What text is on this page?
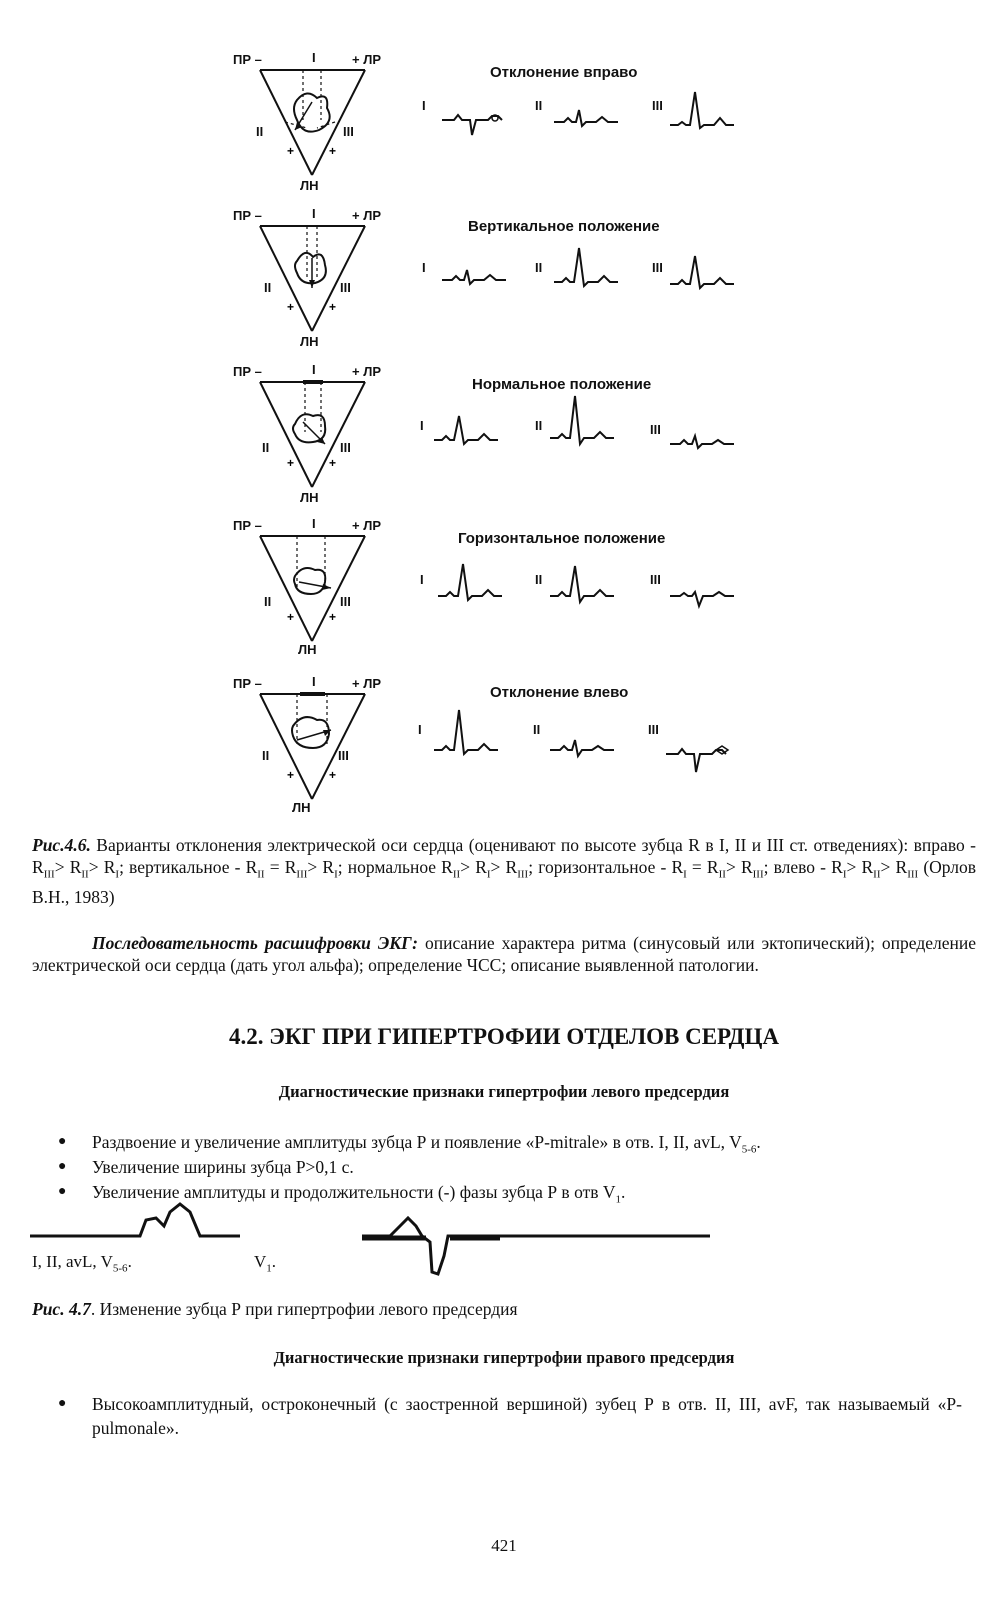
+	+
ПР –	I	+ ЛР
II	III
ЛН
Отклонение вправо
I	II	III
+	+
ПР –	I	+ ЛР
II	III
ЛН
Вертикальное положение
I	II	III
+	+
ПР –	I	+ ЛР
II	III
ЛН
Нормальное положение
I	II	III
+	+
ПР –	I	+ ЛР
II	III
ЛН
Горизонтальное положение
I	II	III
+	+
ПР –	I	+ ЛР
II	III
ЛН
Отклонение влево
I	II	III
Рис.4.6. Варианты отклонения электрической оси сердца (оценивают по высоте зубца R в I, II и III ст. отведениях): вправо - $R_{III}> R_{II}> R_I$; вертикальное - $R_{II} = R_{III}> R_I$; нормальное $R_{II}> R_I> R_{III}$; горизонтальное - $R_I = R_{II}> R_{III}$; влево - $R_I> R_{II}> R_{III}$ (Орлов В.Н., 1983)
Последовательность расшифровки ЭКГ: описание характера ритма (синусовый или эктопический); определение электрической оси сердца (дать угол альфа); определение ЧСС; описание выявленной патологии.
4.2. ЭКГ ПРИ ГИПЕРТРОФИИ ОТДЕЛОВ СЕРДЦА
Диагностические признаки гипертрофии левого предсердия
● Раздвоение и увеличение амплитуды зубца Р и появление «P-mitrale» в отв. I, II, avL, $V_{5-6}$.
● Увеличение ширины зубца Р>0,1 с.
● Увеличение амплитуды и продолжительности (-) фазы зубца Р в отв $V_1$.
I, II, avL, $V_{5-6}$.	$V_1$.
Рис. 4.7. Изменение зубца Р при гипертрофии левого предсердия
Диагностические признаки гипертрофии правого предсердия
● Высокоамплитудный, остроконечный (с заостренной вершиной) зубец Р в отв. II, III, avF, так называемый «P-pulmonale».
421
